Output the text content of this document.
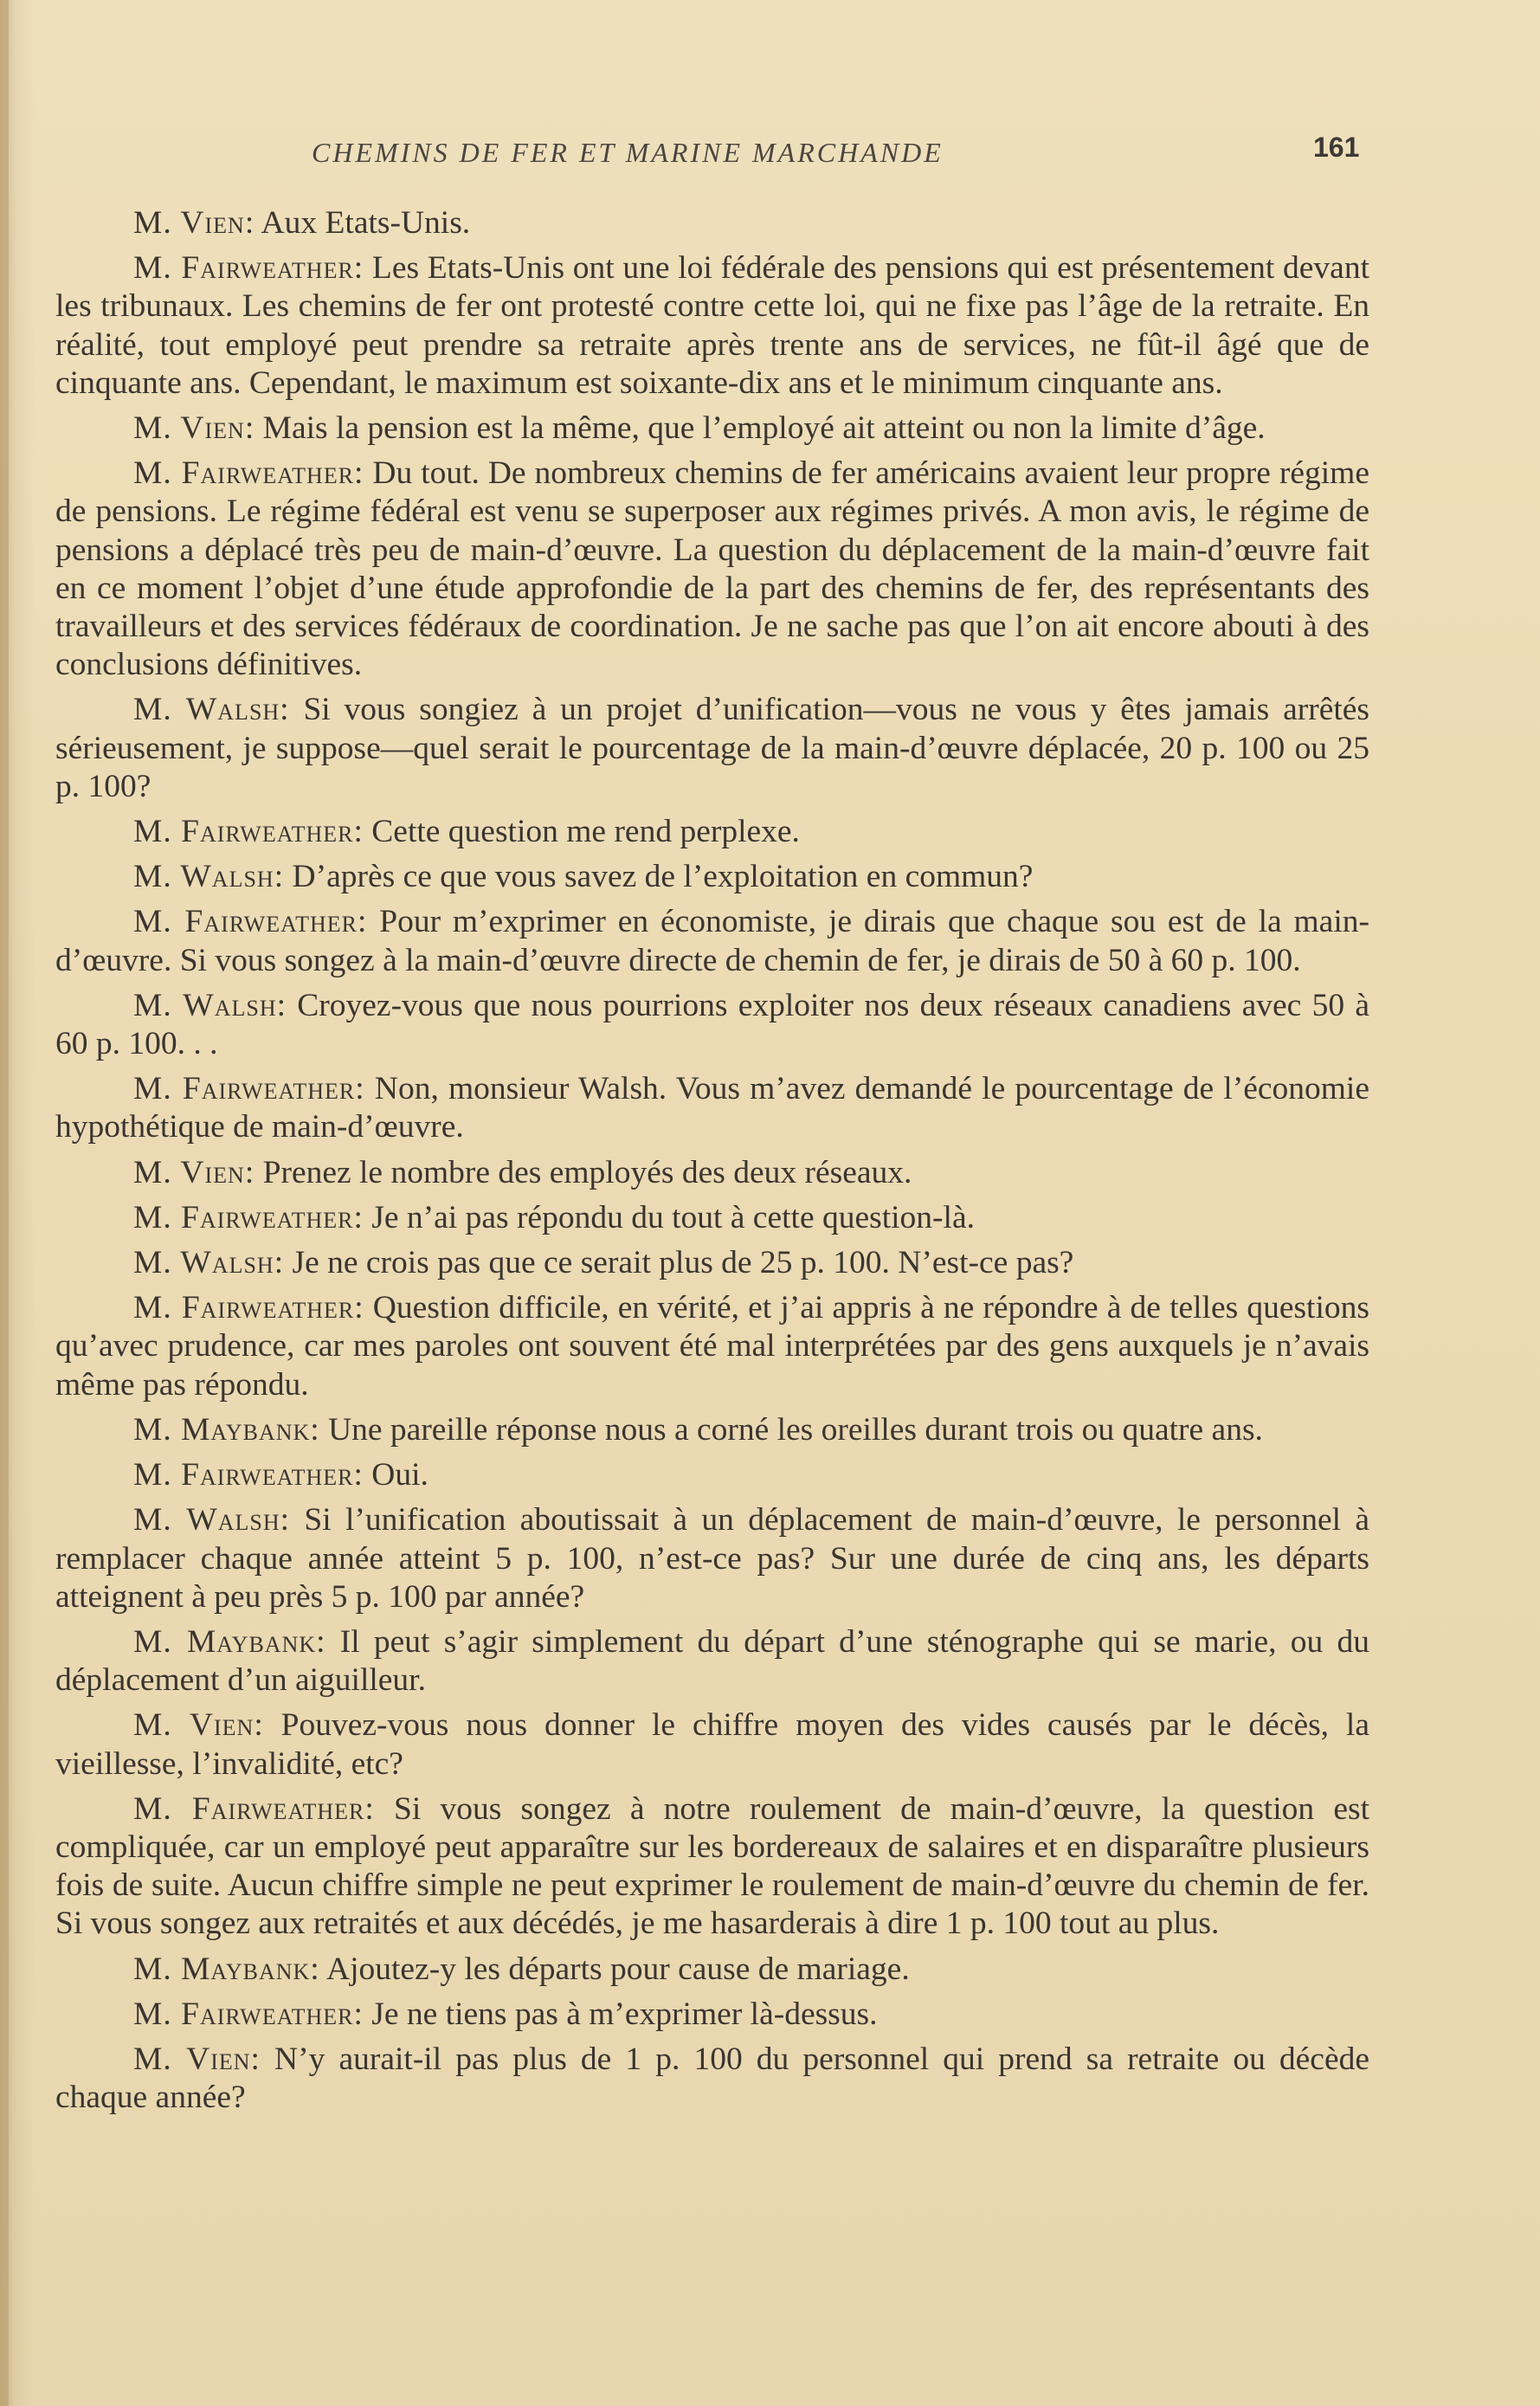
CHEMINS DE FER ET MARINE MARCHANDE	161

M. Vien: Aux Etats-Unis.

M. Fairweather: Les Etats-Unis ont une loi fédérale des pensions qui est présentement devant les tribunaux. Les chemins de fer ont protesté contre cette loi, qui ne fixe pas l’âge de la retraite. En réalité, tout employé peut prendre sa retraite après trente ans de services, ne fût-il âgé que de cinquante ans. Cependant, le maximum est soixante-dix ans et le minimum cinquante ans.

M. Vien: Mais la pension est la même, que l’employé ait atteint ou non la limite d’âge.

M. Fairweather: Du tout. De nombreux chemins de fer américains avaient leur propre régime de pensions. Le régime fédéral est venu se superposer aux régimes privés. A mon avis, le régime de pensions a déplacé très peu de main-d’œuvre. La question du déplacement de la main-d’œuvre fait en ce moment l’objet d’une étude approfondie de la part des chemins de fer, des représentants des travailleurs et des services fédéraux de coordination. Je ne sache pas que l’on ait encore abouti à des conclusions définitives.

M. Walsh: Si vous songiez à un projet d’unification—vous ne vous y êtes jamais arrêtés sérieusement, je suppose—quel serait le pourcentage de la main-d’œuvre déplacée, 20 p. 100 ou 25 p. 100?

M. Fairweather: Cette question me rend perplexe.

M. Walsh: D’après ce que vous savez de l’exploitation en commun?

M. Fairweather: Pour m’exprimer en économiste, je dirais que chaque sou est de la main-d’œuvre. Si vous songez à la main-d’œuvre directe de chemin de fer, je dirais de 50 à 60 p. 100.

M. Walsh: Croyez-vous que nous pourrions exploiter nos deux réseaux canadiens avec 50 à 60 p. 100. . .

M. Fairweather: Non, monsieur Walsh. Vous m’avez demandé le pourcentage de l’économie hypothétique de main-d’œuvre.

M. Vien: Prenez le nombre des employés des deux réseaux.

M. Fairweather: Je n’ai pas répondu du tout à cette question-là.

M. Walsh: Je ne crois pas que ce serait plus de 25 p. 100. N’est-ce pas?

M. Fairweather: Question difficile, en vérité, et j’ai appris à ne répondre à de telles questions qu’avec prudence, car mes paroles ont souvent été mal interprétées par des gens auxquels je n’avais même pas répondu.

M. Maybank: Une pareille réponse nous a corné les oreilles durant trois ou quatre ans.

M. Fairweather: Oui.

M. Walsh: Si l’unification aboutissait à un déplacement de main-d’œuvre, le personnel à remplacer chaque année atteint 5 p. 100, n’est-ce pas? Sur une durée de cinq ans, les départs atteignent à peu près 5 p. 100 par année?

M. Maybank: Il peut s’agir simplement du départ d’une sténographe qui se marie, ou du déplacement d’un aiguilleur.

M. Vien: Pouvez-vous nous donner le chiffre moyen des vides causés par le décès, la vieillesse, l’invalidité, etc?

M. Fairweather: Si vous songez à notre roulement de main-d’œuvre, la question est compliquée, car un employé peut apparaître sur les bordereaux de salaires et en disparaître plusieurs fois de suite. Aucun chiffre simple ne peut exprimer le roulement de main-d’œuvre du chemin de fer. Si vous songez aux retraités et aux décédés, je me hasarderais à dire 1 p. 100 tout au plus.

M. Maybank: Ajoutez-y les départs pour cause de mariage.

M. Fairweather: Je ne tiens pas à m’exprimer là-dessus.

M. Vien: N’y aurait-il pas plus de 1 p. 100 du personnel qui prend sa retraite ou décède chaque année?
